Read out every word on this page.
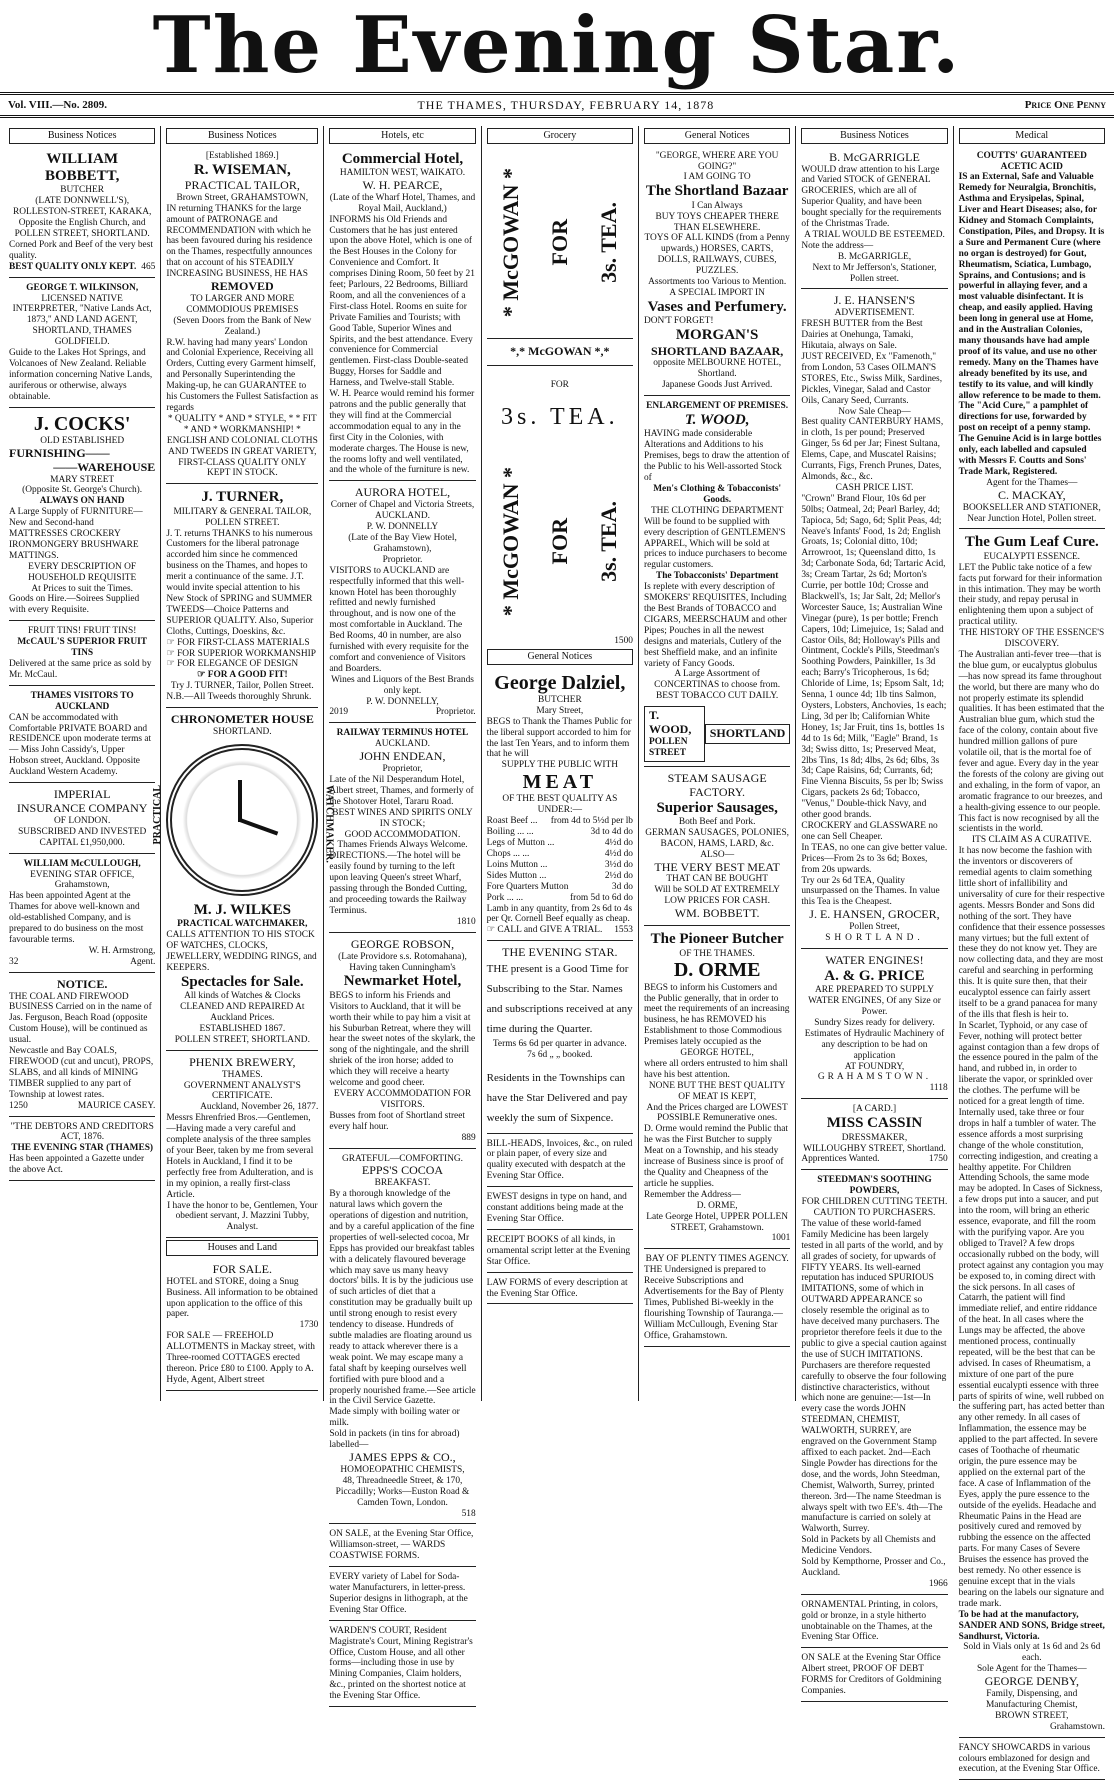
The Evening Star.
Vol. VIII.—No. 2809.	THE THAMES, THURSDAY, FEBRUARY 14, 1878	Price One Penny
Business Notices
WILLIAM BOBBETT,
BUTCHER
(LATE DONNWELL'S),
ROLLESTON-STREET, KARAKA, Opposite the English Church, and POLLEN STREET, SHORTLAND.
Corned Pork and Beef of the very best quality.
BEST QUALITY ONLY KEPT. 465
GEORGE T. WILKINSON,
LICENSED NATIVE INTERPRETER, "Native Lands Act, 1873," AND LAND AGENT, SHORTLAND, THAMES GOLDFIELD.
Guide to the Lakes Hot Springs, and Volcanoes of New Zealand. Reliable information concerning Native Lands, auriferous or otherwise, always obtainable.
J. COCKS'
OLD ESTABLISHED
FURNISHING——
——WAREHOUSE
MARY STREET
(Opposite St. George's Church).
ALWAYS ON HAND
A Large Supply of FURNITURE—New and Second-hand
MATTRESSES CROCKERY IRONMONGERY BRUSHWARE MATTINGS.
EVERY DESCRIPTION OF HOUSEHOLD REQUISITE
At Prices to suit the Times.
Goods on Hire.—Soirees Supplied with every Requisite.
FRUIT TINS! FRUIT TINS!
McCAUL'S SUPERIOR FRUIT TINS
Delivered at the same price as sold by Mr. McCaul.
THAMES VISITORS TO AUCKLAND
CAN be accommodated with Comfortable PRIVATE BOARD and RESIDENCE upon moderate terms at— Miss John Cassidy's, Upper Hobson street, Auckland. Opposite Auckland Western Academy.
IMPERIAL
INSURANCE COMPANY
OF LONDON.
SUBSCRIBED AND INVESTED
CAPITAL £1,950,000.
WILLIAM McCULLOUGH,
EVENING STAR OFFICE,
Grahamstown,
Has been appointed Agent at the Thames for above well-known and old-established Company, and is prepared to do business on the most favourable terms.
W. H. Armstrong,
32	Agent.
NOTICE.
THE COAL AND FIREWOOD BUSINESS Carried on in the name of Jas. Ferguson, Beach Road (opposite Custom House), will be continued as usual.
Newcastle and Bay COALS, FIREWOOD (cut and uncut), PROPS, SLABS, and all kinds of MINING TIMBER supplied to any part of Township at lowest rates.
1250	MAURICE CASEY.
"THE DEBTORS AND CREDITORS ACT, 1876.
THE EVENING STAR (THAMES)
Has been appointed a Gazette under the above Act.
Business Notices
[Established 1869.]
R. WISEMAN,
PRACTICAL TAILOR,
Brown Street, GRAHAMSTOWN,
IN returning THANKS for the large amount of PATRONAGE and RECOMMENDATION with which he has been favoured during his residence on the Thames, respectfully announces that on account of his STEADILY INCREASING BUSINESS, HE HAS
REMOVED
TO LARGER AND MORE COMMODIOUS PREMISES
(Seven Doors from the Bank of New Zealand.)
R.W. having had many years' London and Colonial Experience, Receiving all Orders, Cutting every Garment himself, and Personally Superintending the Making-up, he can GUARANTEE to his Customers the Fullest Satisfaction as regards
* QUALITY * AND * STYLE, * * FIT * AND * WORKMANSHIP! *
ENGLISH AND COLONIAL CLOTHS AND TWEEDS IN GREAT VARIETY,
FIRST-CLASS QUALITY ONLY KEPT IN STOCK.
J. TURNER,
MILITARY & GENERAL TAILOR,
POLLEN STREET.
J. T. returns THANKS to his numerous Customers for the liberal patronage accorded him since he commenced business on the Thames, and hopes to merit a continuance of the same. J.T. would invite special attention to his New Stock of SPRING and SUMMER TWEEDS—Choice Patterns and SUPERIOR QUALITY. Also, Superior Cloths, Cuttings, Doeskins, &c.
☞ FOR FIRST-CLASS MATERIALS ☞ FOR SUPERIOR WORKMANSHIP
☞ FOR ELEGANCE OF DESIGN
☞ FOR A GOOD FIT!
Try J. TURNER, Tailor, Pollen Street.
N.B.—All Tweeds thoroughly Shrunk.
CHRONOMETER HOUSE
SHORTLAND.
PRACTICAL	WATCHMAKER.
M. J. WILKES
PRACTICAL WATCHMAKER,
CALLS ATTENTION TO HIS STOCK OF WATCHES, CLOCKS, JEWELLERY, WEDDING RINGS, and KEEPERS.
Spectacles for Sale.
All kinds of Watches & Clocks CLEANED AND REPAIRED At Auckland Prices.
ESTABLISHED 1867.
POLLEN STREET, SHORTLAND.
PHENIX BREWERY,
THAMES.
GOVERNMENT ANALYST'S CERTIFICATE.
Auckland, November 26, 1877.
Messrs Ehrenfried Bros.—Gentlemen,—Having made a very careful and complete analysis of the three samples of your Beer, taken by me from several Hotels in Auckland, I find it to be perfectly free from Adulteration, and is in my opinion, a really first-class Article.
I have the honor to be, Gentlemen, Your obedient servant, J. Mazzini Tubby, Analyst.
Houses and Land
FOR SALE.
HOTEL and STORE, doing a Snug Business. All information to be obtained upon application to the office of this paper.
1730
FOR SALE — FREEHOLD ALLOTMENTS in Mackay street, with Three-roomed COTTAGES erected thereon. Price £80 to £100. Apply to A. Hyde, Agent, Albert street
Hotels, etc
Commercial Hotel,
HAMILTON WEST, WAIKATO.
W. H. PEARCE,
(Late of the Wharf Hotel, Thames, and Royal Mail, Auckland,)
INFORMS his Old Friends and Customers that he has just entered upon the above Hotel, which is one of the Best Houses in the Colony for Convenience and Comfort. It comprises Dining Room, 50 feet by 21 feet; Parlours, 22 Bedrooms, Billiard Room, and all the conveniences of a First-class Hotel. Rooms en suite for Private Families and Tourists; with Good Table, Superior Wines and Spirits, and the best attendance. Every convenience for Commercial gentlemen. First-class Double-seated Buggy, Horses for Saddle and Harness, and Twelve-stall Stable.
W. H. Pearce would remind his former patrons and the public generally that they will find at the Commercial accommodation equal to any in the first City in the Colonies, with moderate charges. The House is new, the rooms lofty and well ventilated, and the whole of the furniture is new.
AURORA HOTEL,
Corner of Chapel and Victoria Streets, AUCKLAND.
P. W. DONNELLY
(Late of the Bay View Hotel, Grahamstown),
Proprietor.
VISITORS to AUCKLAND are respectfully informed that this well-known Hotel has been thoroughly refitted and newly furnished throughout, and is now one of the most comfortable in Auckland. The Bed Rooms, 40 in number, are also furnished with every requisite for the comfort and convenience of Visitors and Boarders.
Wines and Liquors of the Best Brands only kept.
P. W. DONNELLY,
2019	Proprietor.
RAILWAY TERMINUS HOTEL
AUCKLAND.
JOHN ENDEAN,
Proprietor,
Late of the Nil Desperandum Hotel, Albert street, Thames, and formerly of the Shotover Hotel, Tararu Road.
BEST WINES AND SPIRITS ONLY IN STOCK;
GOOD ACCOMMODATION.
Thames Friends Always Welcome.
DIRECTIONS.—The hotel will be easily found by turning to the left upon leaving Queen's street Wharf, passing through the Bonded Cutting, and proceeding towards the Railway Terminus.
1810
GEORGE ROBSON,
(Late Providore s.s. Rotomahana), Having taken Cunningham's
Newmarket Hotel,
BEGS to inform his Friends and Visitors to Auckland, that it will be worth their while to pay him a visit at his Suburban Retreat, where they will hear the sweet notes of the skylark, the song of the nightingale, and the shrill shriek of the iron horse; added to which they will receive a hearty welcome and good cheer.
EVERY ACCOMMODATION FOR VISITORS.
Busses from foot of Shortland street every half hour.
889
GRATEFUL—COMFORTING.
EPPS'S COCOA
BREAKFAST.
By a thorough knowledge of the natural laws which govern the operations of digestion and nutrition, and by a careful application of the fine properties of well-selected cocoa, Mr Epps has provided our breakfast tables with a delicately flavoured beverage which may save us many heavy doctors' bills. It is by the judicious use of such articles of diet that a constitution may be gradually built up until strong enough to resist every tendency to disease. Hundreds of subtle maladies are floating around us ready to attack wherever there is a weak point. We may escape many a fatal shaft by keeping ourselves well fortified with pure blood and a properly nourished frame.—See article in the Civil Service Gazette.
Made simply with boiling water or milk.
Sold in packets (in tins for abroad) labelled—
JAMES EPPS & CO.,
HOMOEOPATHIC CHEMISTS,
48, Threadneedle Street, & 170, Piccadilly; Works—Euston Road & Camden Town, London.
518
ON SALE, at the Evening Star Office, Williamson-street, — WARDS COASTWISE FORMS.
EVERY variety of Label for Soda-water Manufacturers, in letter-press. Superior designs in lithograph, at the Evening Star Office.
WARDEN'S COURT, Resident Magistrate's Court, Mining Registrar's Office, Custom House, and all other forms—including those in use by Mining Companies, Claim holders, &c., printed on the shortest notice at the Evening Star Office.
Grocery
* McGOWAN * FOR 3s. TEA.
*,* McGOWAN *,*
FOR
3s. TEA.
* McGOWAN * FOR 3s. TEA.
1500
General Notices
George Dalziel,
BUTCHER
Mary Street,
BEGS to Thank the Thames Public for the liberal support accorded to him for the last Ten Years, and to inform them that he will
SUPPLY THE PUBLIC WITH
MEAT
OF THE BEST QUALITY AS UNDER:—
Roast Beef ... from 4d to 5½d per lb
Boiling ... ...	3d to 4d do
Legs of Mutton ...	4½d do
Chops ... ...	4½d do
Loins Mutton ...	3½d do
Sides Mutton ...	2½d do
Fore Quarters Mutton	3d do
Pork ... ...	from 5d to 6d do
Lamb in any quantity, from 2s 6d to 4s per Qr. Cornell Beef equally as cheap.
☞ CALL and GIVE A TRIAL. 1553
THE EVENING STAR.
THE present is a Good Time for Subscribing to the Star. Names and subscriptions received at any time during the Quarter.
Terms 6s 6d per quarter in advance.
7s 6d „ „ booked.
Residents in the Townships can have the Star Delivered and pay weekly the sum of Sixpence.
BILL-HEADS, Invoices, &c., on ruled or plain paper, of every size and quality executed with despatch at the Evening Star Office.
EWEST designs in type on hand, and constant additions being made at the Evening Star Office.
RECEIPT BOOKS of all kinds, in ornamental script letter at the Evening Star Office.
LAW FORMS of every description at the Evening Star Office.
General Notices
"GEORGE, WHERE ARE YOU GOING?"
I AM GOING TO
The Shortland Bazaar
I Can Always
BUY TOYS CHEAPER THERE THAN ELSEWHERE.
TOYS OF ALL KINDS (from a Penny upwards,) HORSES, CARTS, DOLLS, RAILWAYS, CUBES, PUZZLES.
Assortments too Various to Mention.
A SPECIAL IMPORT IN
Vases and Perfumery.
DON'T FORGET!
MORGAN'S
SHORTLAND BAZAAR,
opposite MELBOURNE HOTEL, Shortland.
Japanese Goods Just Arrived.
ENLARGEMENT OF PREMISES.
T. WOOD,
HAVING made considerable Alterations and Additions to his Premises, begs to draw the attention of the Public to his Well-assorted Stock of
Men's Clothing & Tobacconists' Goods.
THE CLOTHING DEPARTMENT
Will be found to be supplied with every description of GENTLEMEN'S APPAREL, Which will be sold at prices to induce purchasers to become regular customers.
The Tobacconists' Department
Is replete with every description of SMOKERS' REQUISITES, Including the Best Brands of TOBACCO and CIGARS, MEERSCHAUM and other Pipes; Pouches in all the newest designs and materials, Cutlery of the best Sheffield make, and an infinite variety of Fancy Goods.
A Large Assortment of CONCERTINAS to choose from.
BEST TOBACCO CUT DAILY.
T. WOOD,
POLLEN STREET
SHORTLAND
STEAM SAUSAGE FACTORY.
Superior Sausages,
Both Beef and Pork.
GERMAN SAUSAGES, POLONIES, BACON, HAMS, LARD, &c.
ALSO—
THE VERY BEST MEAT
THAT CAN BE BOUGHT
Will be SOLD AT EXTREMELY LOW PRICES FOR CASH.
WM. BOBBETT.
The Pioneer Butcher
OF THE THAMES.
D. ORME
BEGS to inform his Customers and the Public generally, that in order to meet the requirements of an increasing business, he has REMOVED his Establishment to those Commodious Premises lately occupied as the
GEORGE HOTEL,
where all orders entrusted to him shall have his best attention.
NONE BUT THE BEST QUALITY OF MEAT IS KEPT,
And the Prices charged are LOWEST POSSIBLE Remunerative ones.
D. Orme would remind the Public that he was the First Butcher to supply Meat on a Township, and his steady increase of Business since is proof of the Quality and Cheapness of the article he supplies.
Remember the Address—
D. ORME,
Late George Hotel, UPPER POLLEN STREET, Grahamstown.
1001
BAY OF PLENTY TIMES AGENCY.
THE Undersigned is prepared to Receive Subscriptions and Advertisements for the Bay of Plenty Times, Published Bi-weekly in the flourishing Township of Tauranga.— William McCullough, Evening Star Office, Grahamstown.
Business Notices
B. McGARRIGLE
WOULD draw attention to his Large and Varied STOCK of GENERAL GROCERIES, which are all of Superior Quality, and have been bought specially for the requirements of the Christmas Trade.
A TRIAL WOULD BE ESTEEMED.
Note the address—
B. McGARRIGLE,
Next to Mr Jefferson's, Stationer, Pollen street.
J. E. HANSEN'S
ADVERTISEMENT.
FRESH BUTTER from the Best Dairies at Onehunga, Tamaki, Hikutaia, always on Sale.
JUST RECEIVED, Ex "Famenoth," from London, 53 Cases OILMAN'S STORES, Etc., Swiss Milk, Sardines, Pickles, Vinegar, Salad and Castor Oils, Canary Seed, Currants.
Now Sale Cheap—
Best quality CANTERBURY HAMS, in cloth, 1s per pound; Preserved Ginger, 5s 6d per Jar; Finest Sultana, Elems, Cape, and Muscatel Raisins; Currants, Figs, French Prunes, Dates, Almonds, &c., &c.
CASH PRICE LIST.
"Crown" Brand Flour, 10s 6d per 50lbs; Oatmeal, 2d; Pearl Barley, 4d; Tapioca, 5d; Sago, 6d; Split Peas, 4d; Neave's Infants' Food, 1s 2d; English Groats, 1s; Colonial ditto, 10d; Arrowroot, 1s; Queensland ditto, 1s 3d; Carbonate Soda, 6d; Tartaric Acid, 3s; Cream Tartar, 2s 6d; Morton's Currie, per bottle 10d; Crosse and Blackwell's, 1s; Jar Salt, 2d; Mellor's Worcester Sauce, 1s; Australian Wine Vinegar (pure), 1s per bottle; French Capers, 10d; Limejuice, 1s; Salad and Castor Oils, 8d; Holloway's Pills and Ointment, Cockle's Pills, Steedman's Soothing Powders, Painkiller, 1s 3d each; Barry's Tricopherous, 1s 6d; Chloride of Lime, 1s; Epsom Salt, 1d; Senna, 1 ounce 4d; 1lb tins Salmon, Oysters, Lobsters, Anchovies, 1s each; Ling, 3d per lb; Californian White Honey, 1s; Jar Fruit, tins 1s, bottles 1s 4d to 1s 6d; Milk, "Eagle" Brand, 1s 3d; Swiss ditto, 1s; Preserved Meat, 2lbs Tins, 1s 8d; 4lbs, 2s 6d; 6lbs, 3s 3d; Cape Raisins, 6d; Currants, 6d; Fine Vienna Biscuits, 5s per lb; Swiss Cigars, packets 2s 6d; Tobacco, "Venus," Double-thick Navy, and other good brands.
CROCKERY and GLASSWARE no one can Sell Cheaper.
In TEAS, no one can give better value. Prices—From 2s to 3s 6d; Boxes, from 20s upwards.
Try our 2s 6d TEA, Quality unsurpassed on the Thames. In value this Tea is the Cheapest.
J. E. HANSEN, GROCER,
Pollen Street,
SHORTLAND.
WATER ENGINES!
A. & G. PRICE
ARE PREPARED TO SUPPLY WATER ENGINES, Of any Size or Power.
Sundry Sizes ready for delivery.
Estimates of Hydraulic Machinery of any description to be had on application
AT FOUNDRY,
GRAHAMSTOWN.
1118
[A CARD.]
MISS CASSIN
DRESSMAKER,
WILLOUGHBY STREET, Shortland.
Apprentices Wanted.	1750
STEEDMAN'S SOOTHING POWDERS,
FOR CHILDREN CUTTING TEETH.
CAUTION TO PURCHASERS.
The value of these world-famed Family Medicine has been largely tested in all parts of the world, and by all grades of society, for upwards of FIFTY YEARS. Its well-earned reputation has induced SPURIOUS IMITATIONS, some of which in OUTWARD APPEARANCE so closely resemble the original as to have deceived many purchasers. The proprietor therefore feels it due to the public to give a special caution against the use of SUCH IMITATIONS.
Purchasers are therefore requested carefully to observe the four following distinctive characteristics, without which none are genuine:—1st—In every case the words JOHN STEEDMAN, CHEMIST, WALWORTH, SURREY, are engraved on the Government Stamp affixed to each packet. 2nd—Each Single Powder has directions for the dose, and the words, John Steedman, Chemist, Walworth, Surrey, printed thereon. 3rd—The name Steedman is always spelt with two EE's. 4th—The manufacture is carried on solely at Walworth, Surrey.
Sold in Packets by all Chemists and Medicine Vendors.
Sold by Kempthorne, Prosser and Co., Auckland.
1966
ORNAMENTAL Printing, in colors, gold or bronze, in a style hitherto unobtainable on the Thames, at the Evening Star Office.
ON SALE at the Evening Star Office Albert street, PROOF OF DEBT FORMS for Creditors of Goldmining Companies.
Medical
COUTTS' GUARANTEED ACETIC ACID
IS an External, Safe and Valuable Remedy for Neuralgia, Bronchitis, Asthma and Erysipelas, Spinal, Liver and Heart Diseases; also, for Kidney and Stomach Complaints, Constipation, Piles, and Dropsy. It is a Sure and Permanent Cure (where no organ is destroyed) for Gout, Rheumatism, Sciatica, Lumbago, Sprains, and Contusions; and is powerful in allaying fever, and a most valuable disinfectant. It is cheap, and easily applied. Having been long in general use at Home, and in the Australian Colonies, many thousands have had ample proof of its value, and use no other remedy. Many on the Thames have already benefited by its use, and testify to its value, and will kindly allow reference to be made to them. The "Acid Cure," a pamphlet of directions for use, forwarded by post on receipt of a penny stamp. The Genuine Acid is in large bottles only, each labelled and capsuled with Messrs F. Coutts and Sons' Trade Mark, Registered.
Agent for the Thames—
C. MACKAY,
BOOKSELLER AND STATIONER,
Near Junction Hotel, Pollen street.
The Gum Leaf Cure.
EUCALYPTI ESSENCE.
LET the Public take notice of a few facts put forward for their information in this intimation. They may be worth their study, and repay perusal in enlightening them upon a subject of practical utility.
THE HISTORY OF THE ESSENCE'S DISCOVERY.
The Australian anti-fever tree—that is the blue gum, or eucalyptus globulus—has now spread its fame throughout the world, but there are many who do not properly estimate its splendid qualities. It has been estimated that the Australian blue gum, which stud the face of the colony, contain about five hundred million gallons of pure volatile oil, that is the mortal foe of fever and ague. Every day in the year the forests of the colony are giving out and exhaling, in the form of vapor, an aromatic fragrance to our breezes, and a health-giving essence to our people. This fact is now recognised by all the scientists in the world.
ITS CLAIM AS A CURATIVE.
It has now become the fashion with the inventors or discoverers of remedial agents to claim something little short of infallibility and universality of cure for their respective agents. Messrs Bonder and Sons did nothing of the sort. They have confidence that their essence possesses many virtues; but the full extent of these they do not know yet. They are now collecting data, and they are most careful and searching in performing this. It is quite sure then, that their eucalyptol essence can fairly assert itself to be a grand panacea for many of the ills that flesh is heir to.
In Scarlet, Typhoid, or any case of Fever, nothing will protect better against contagion than a few drops of the essence poured in the palm of the hand, and rubbed in, in order to liberate the vapor, or sprinkled over the clothes. The perfume will be noticed for a great length of time. Internally used, take three or four drops in half a tumbler of water. The essence affords a most surprising change of the whole constitution, correcting indigestion, and creating a healthy appetite. For Children Attending Schools, the same mode may be adopted. In Cases of Sickness, a few drops put into a saucer, and put into the room, will bring an etheric essence, evaporate, and fill the room with the purifying vapor. Are you obliged to Travel? A few drops occasionally rubbed on the body, will protect against any contagion you may be exposed to, in coming direct with the sick persons. In all cases of Catarrh, the patient will find immediate relief, and entire riddance of the heat. In all cases where the Lungs may be affected, the above mentioned process, continually repeated, will be the best that can be advised. In cases of Rheumatism, a mixture of one part of the pure essential eucalypti essence with three parts of spirits of wine, well rubbed on the suffering part, has acted better than any other remedy. In all cases of Inflammation, the essence may be applied to the part affected. In severe cases of Toothache of rheumatic origin, the pure essence may be applied on the external part of the face. A case of Inflammation of the Eyes, apply the pure essence to the outside of the eyelids. Headache and Rheumatic Pains in the Head are positively cured and removed by rubbing the essence on the affected parts. For many Cases of Severe Bruises the essence has proved the best remedy. No other essence is genuine except that in the vials bearing on the labels our signature and trade mark.
To be had at the manufactory, SANDER AND SONS, Bridge street, Sandhurst, Victoria.
Sold in Vials only at 1s 6d and 2s 6d each.
Sole Agent for the Thames—
GEORGE DENBY,
Family, Dispensing, and Manufacturing Chemist,
BROWN STREET,
Grahamstown.
FANCY SHOWCARDS in various colours emblazoned for design and execution, at the Evening Star Office.
